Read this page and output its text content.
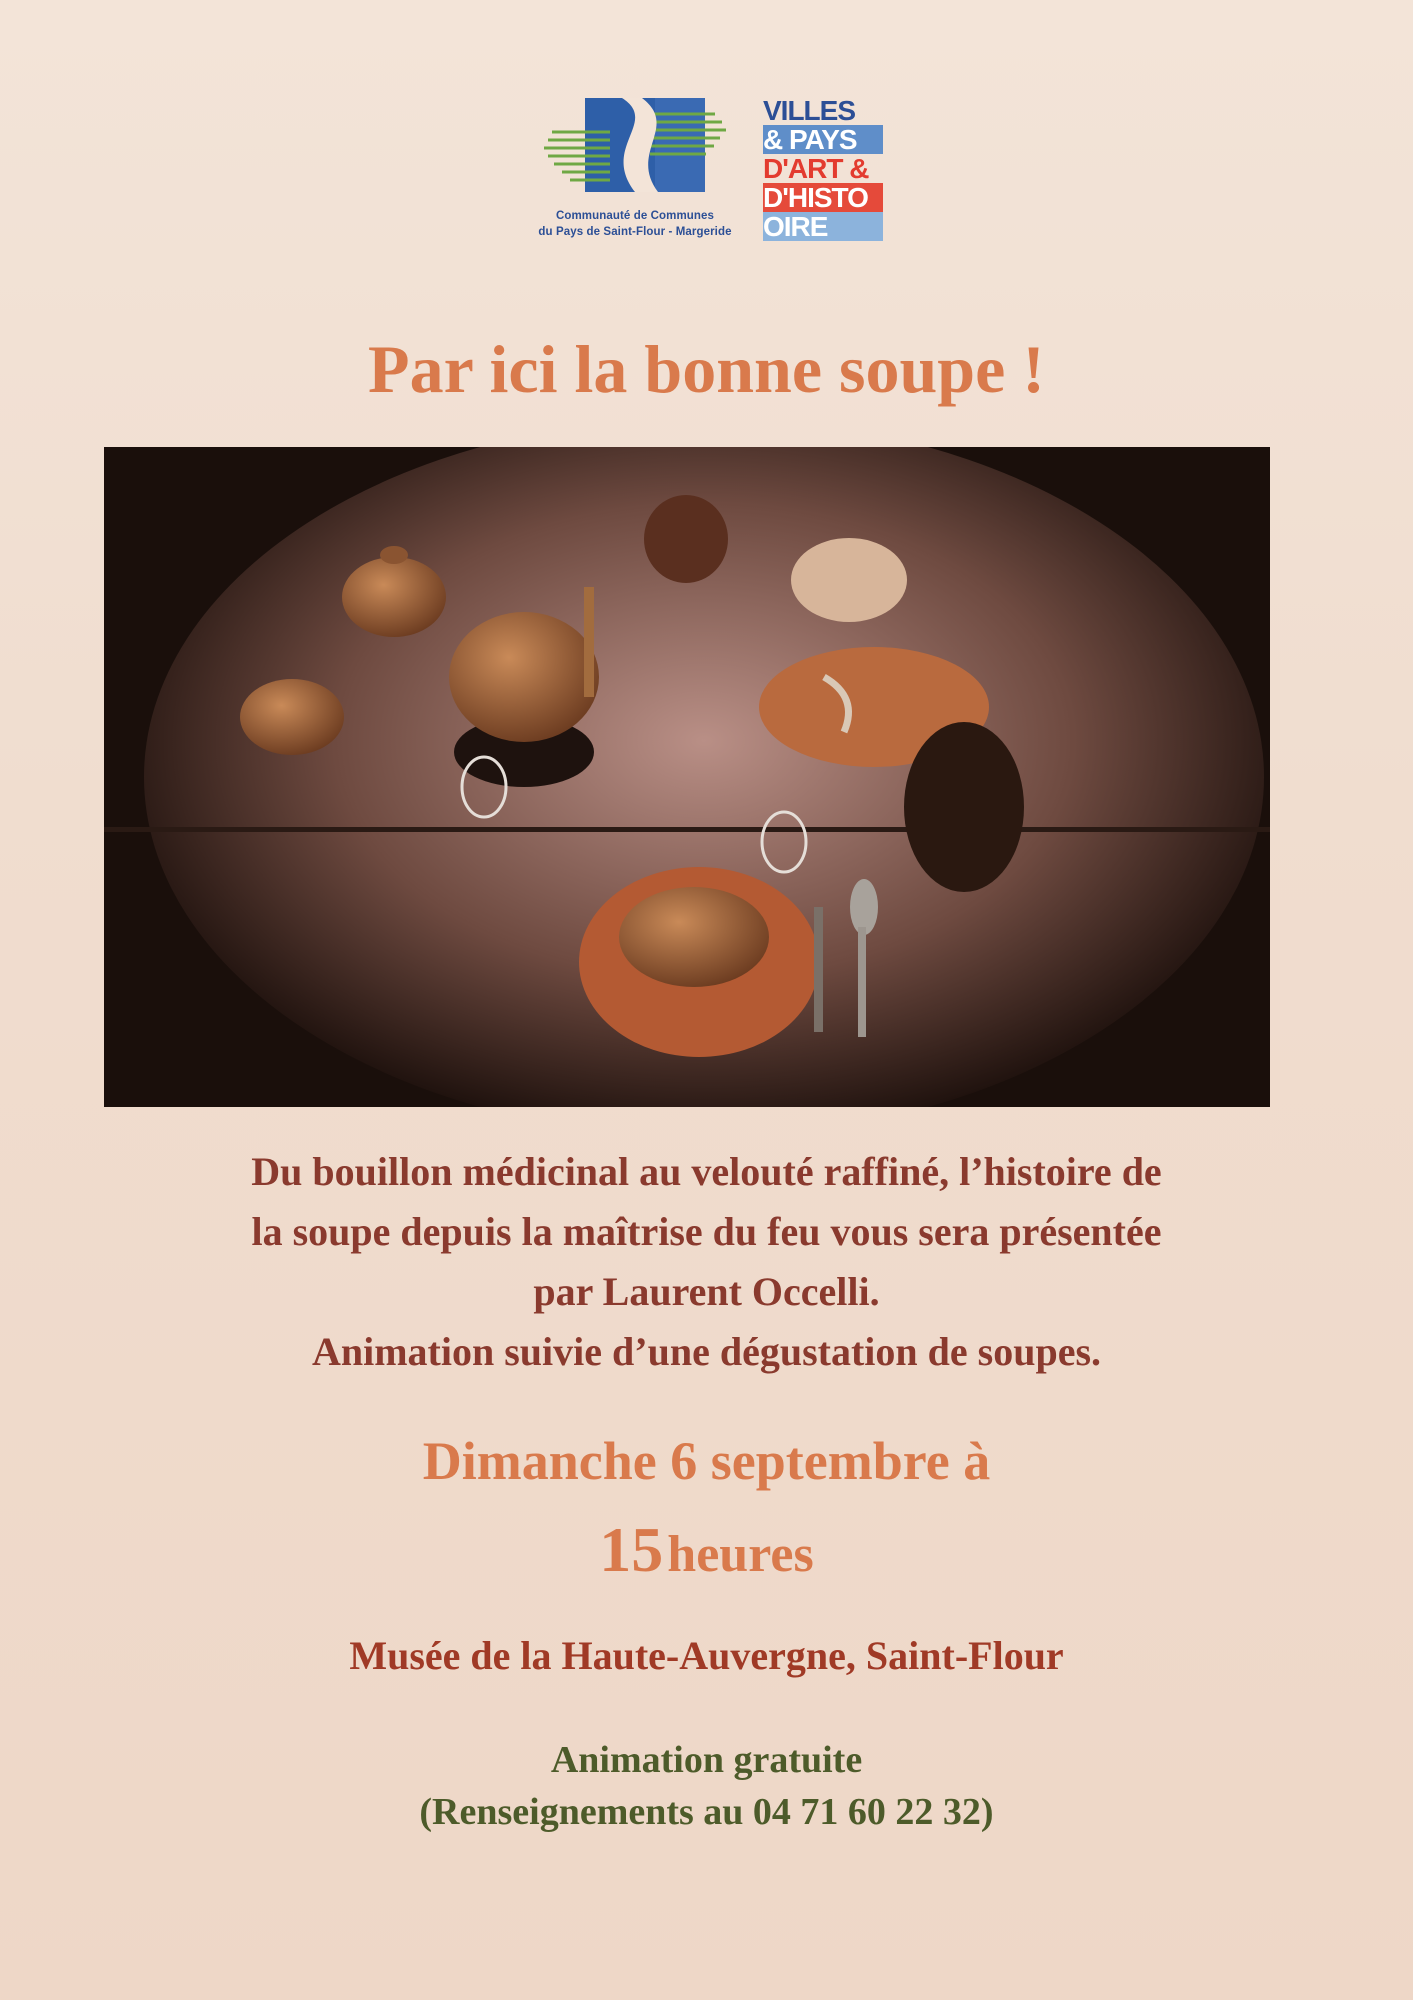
Communauté de Communes
du Pays de Saint-Flour - Margeride
VILLES
& PAYS
D'ART &
D'HISTO
OIRE
Par ici la bonne soupe !
Du bouillon médicinal au velouté raffiné, l’histoire de
la soupe depuis la maîtrise du feu vous sera présentée
par Laurent Occelli.
Animation suivie d’une dégustation de soupes.
Dimanche 6 septembre à
15 heures
Musée de la Haute-Auvergne, Saint-Flour
Animation gratuite
(Renseignements au 04 71 60 22 32)
